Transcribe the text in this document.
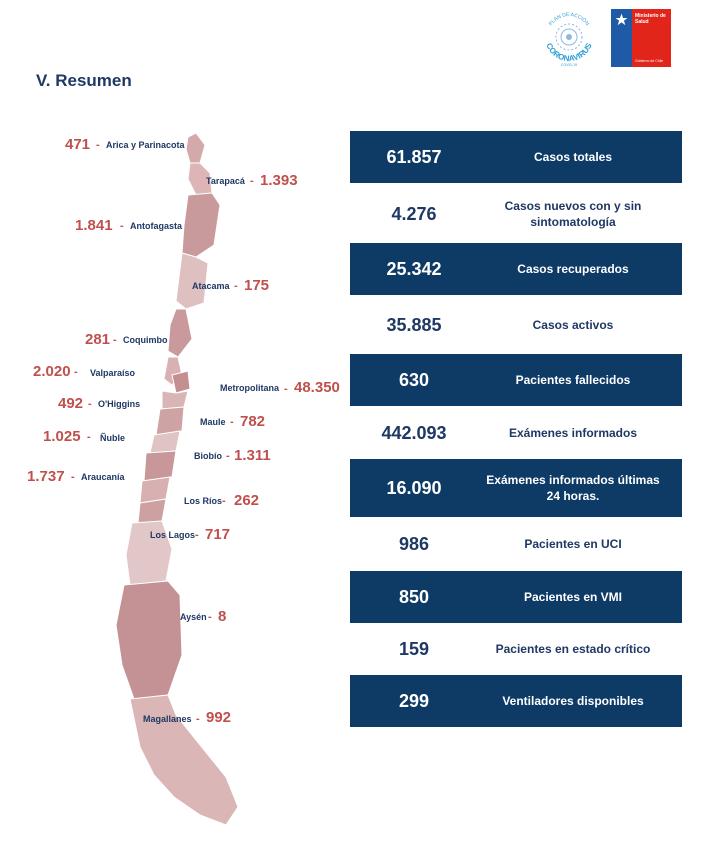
V. Resumen
PLAN DE ACCIÓN
CORONAVIRUS
COVID-19
Ministerio de Salud
Gobierno de Chile
471 - Arica y Parinacota
Tarapacá - 1.393
1.841 - Antofagasta
Atacama - 175
281 - Coquimbo
2.020 - Valparaíso
Metropolitana - 48.350
492 - O'Higgins
Maule - 782
1.025 - Ñuble
Biobío - 1.311
1.737 - Araucanía
Los Ríos - 262
Los Lagos - 717
Aysén - 8
Magallanes - 992
61.857	Casos totales
4.276	Casos nuevos con y sin sintomatología
25.342	Casos recuperados
35.885	Casos activos
630	Pacientes fallecidos
442.093	Exámenes informados
16.090	Exámenes informados últimas 24 horas.
986	Pacientes en UCI
850	Pacientes en VMI
159	Pacientes en estado crítico
299	Ventiladores disponibles
